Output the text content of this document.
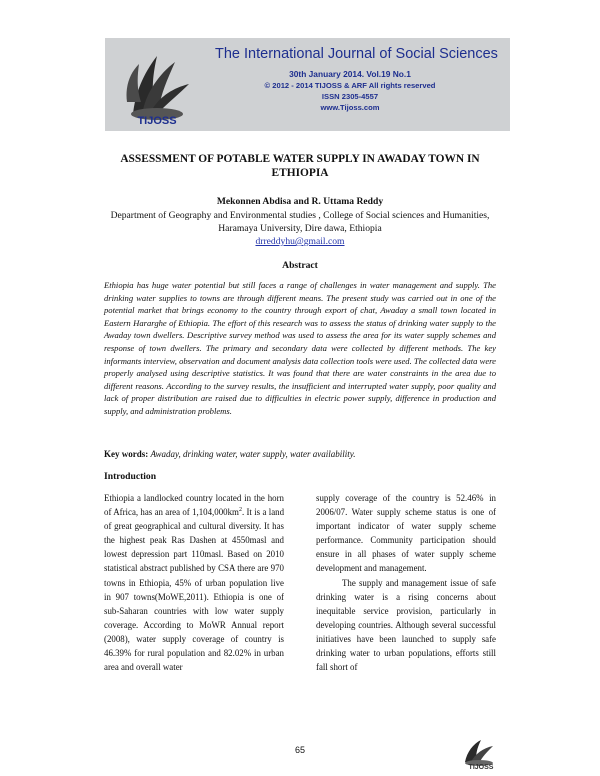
TIJOSS
The International Journal of Social Sciences
30th January 2014. Vol.19 No.1
© 2012 - 2014 TIJOSS & ARF All rights reserved
ISSN 2305-4557
www.Tijoss.com
ASSESSMENT OF POTABLE WATER SUPPLY IN AWADAY TOWN IN
ETHIOPIA
Mekonnen Abdisa and R. Uttama Reddy
Department of Geography and Environmental studies , College of Social sciences and Humanities,
Haramaya University, Dire dawa, Ethiopia
drreddyhu@gmail.com
Abstract
Ethiopia has huge water potential but still faces a range of challenges in water management and supply. The drinking water supplies to towns are through different means. The present study was carried out in one of the potential market that brings economy to the country through export of chat, Awaday a small town located in Eastern Hararghe of Ethiopia. The effort of this research was to assess the status of drinking water supply to the Awaday town dwellers. Descriptive survey method was used to assess the area for its water supply schemes and response of town dwellers. The primary and secondary data were collected by different methods. The key informants interview, observation and document analysis data collection tools were used. The collected data were properly analysed using descriptive statistics. It was found that there are water constraints in the area due to different reasons. According to the survey results, the insufficient and interrupted water supply, poor quality and lack of proper distribution are raised due to difficulties in electric power supply, difference in production and supply, and administration problems.
Key words: Awaday, drinking water, water supply, water availability.
Introduction

Ethiopia a landlocked country located in the horn of Africa, has an area of $1,104,000km^2$. It is a land of great geographical and cultural diversity. It has the highest peak Ras Dashen at 4550masl and lowest depression part 110masl. Based on 2010 statistical abstract published by CSA there are 970 towns in Ethiopia, 45% of urban population live in 907 towns(MoWE,2011). Ethiopia is one of sub-Saharan countries with low water supply coverage. According to MoWR Annual report (2008), water supply coverage of country is 46.39% for rural population and 82.02% in urban area and overall water

supply coverage of the country is 52.46% in 2006/07. Water supply scheme status is one of important indicator of water supply scheme performance. Community participation should ensure in all phases of water supply scheme development and management.

The supply and management issue of safe drinking water is a rising concerns about inequitable service provision, particularly in developing countries. Although several successful initiatives have been launched to supply safe drinking water to urban populations, efforts still fall short of

TIJOSS
65
